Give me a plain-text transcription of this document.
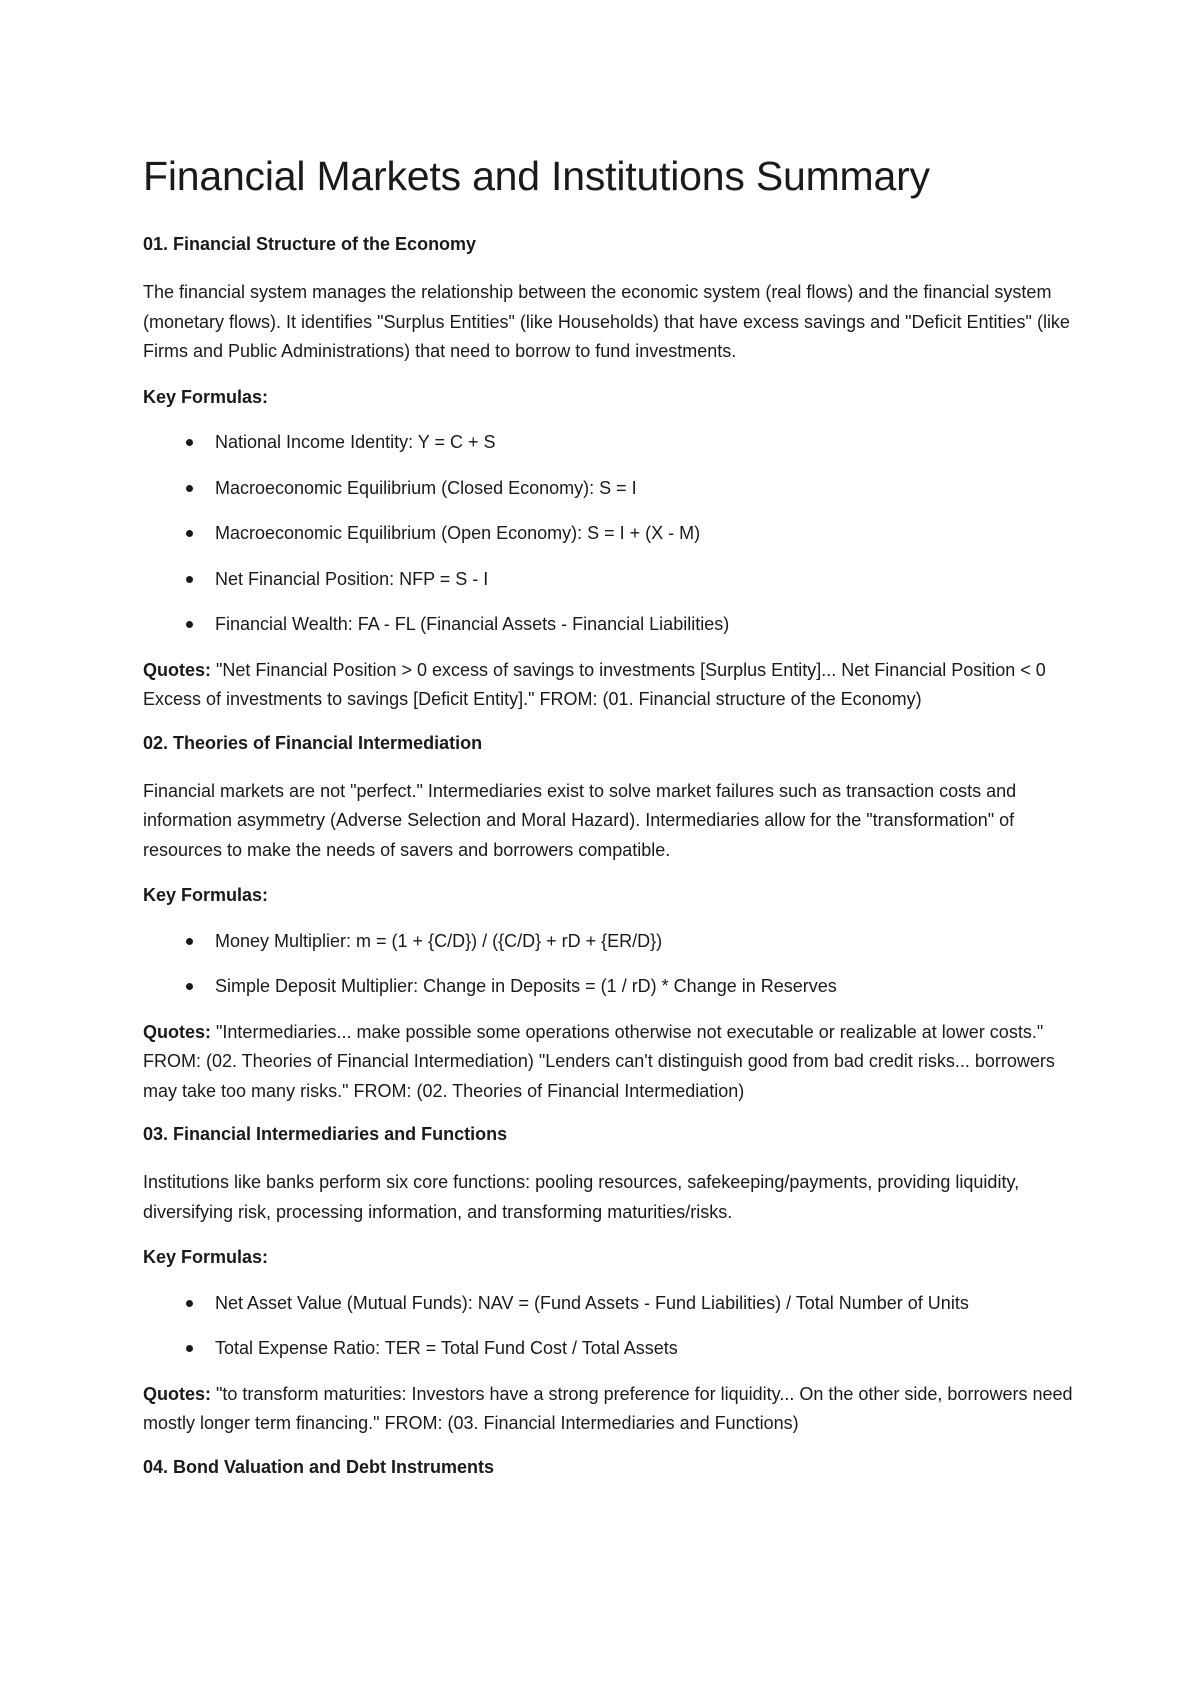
Financial Markets and Institutions Summary
01. Financial Structure of the Economy

The financial system manages the relationship between the economic system (real flows) and the financial system (monetary flows). It identifies "Surplus Entities" (like Households) that have excess savings and "Deficit Entities" (like Firms and Public Administrations) that need to borrow to fund investments.

Key Formulas:

National Income Identity: Y = C + S
Macroeconomic Equilibrium (Closed Economy): S = I
Macroeconomic Equilibrium (Open Economy): S = I + (X - M)
Net Financial Position: NFP = S - I
Financial Wealth: FA - FL (Financial Assets - Financial Liabilities)

Quotes: "Net Financial Position > 0 excess of savings to investments [Surplus Entity]... Net Financial Position < 0 Excess of investments to savings [Deficit Entity]." FROM: (01. Financial structure of the Economy)

02. Theories of Financial Intermediation

Financial markets are not "perfect." Intermediaries exist to solve market failures such as transaction costs and information asymmetry (Adverse Selection and Moral Hazard). Intermediaries allow for the "transformation" of resources to make the needs of savers and borrowers compatible.

Key Formulas:

Money Multiplier: m = (1 + {C/D}) / ({C/D} + rD + {ER/D})
Simple Deposit Multiplier: Change in Deposits = (1 / rD) * Change in Reserves

Quotes: "Intermediaries... make possible some operations otherwise not executable or realizable at lower costs." FROM: (02. Theories of Financial Intermediation) "Lenders can't distinguish good from bad credit risks... borrowers may take too many risks." FROM: (02. Theories of Financial Intermediation)

03. Financial Intermediaries and Functions

Institutions like banks perform six core functions: pooling resources, safekeeping/payments, providing liquidity, diversifying risk, processing information, and transforming maturities/risks.

Key Formulas:

Net Asset Value (Mutual Funds): NAV = (Fund Assets - Fund Liabilities) / Total Number of Units
Total Expense Ratio: TER = Total Fund Cost / Total Assets

Quotes: "to transform maturities: Investors have a strong preference for liquidity... On the other side, borrowers need mostly longer term financing." FROM: (03. Financial Intermediaries and Functions)

04. Bond Valuation and Debt Instruments
